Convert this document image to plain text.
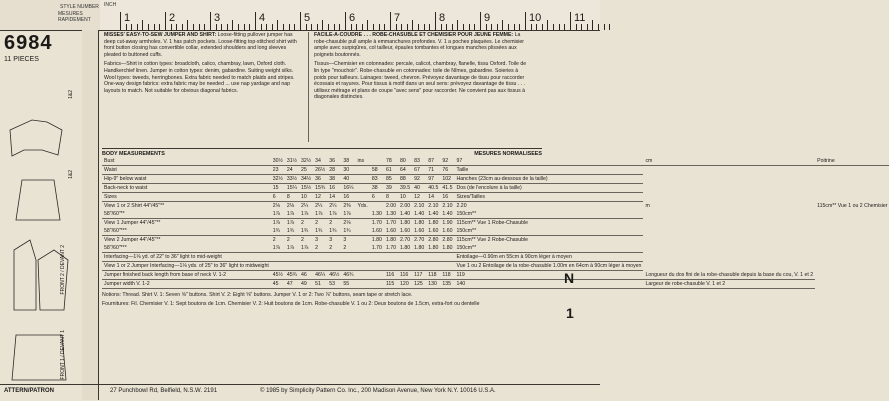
STYLE NUMBER
MESURES RAPIDEMENT
INCH
1	2	3	4	5	6	7	8	9	10	11
6984
11 PIECES
1&2
1&2
FRONT 2 / DEVANT 2
FRONT 1 / DEVANT 1
MISSES' EASY-TO-SEW JUMPER AND SHIRT: Loose-fitting pullover jumper has deep cut-away armholes. V. 1 has patch pockets. Loose-fitting top-stitched shirt with front button closing has convertible collar, extended shoulders and long sleeves pleated to buttoned cuffs.
Fabrics—Shirt in cotton types: broadcloth, calico, chambray, lawn, Oxford cloth. Handkerchief linen. Jumper in cotton types: denim, gabardine. Suiting weight silks. Wool types: tweeds, herringbones. Extra fabric needed to match plaids and stripes. One-way design fabrics: extra fabric may be needed ... use nap yardage and nap layouts to match. Not suitable for obvious diagonal fabrics.
FACILE-A-COUDRE . . . ROBE-CHASUBLE ET CHEMISIER POUR JEUNE FEMME: La robe-chasuble pull ample à emmanchures profondes. V. 1 a poches plaquées. Le chemisier ample avec surpiqûres, col tailleur, épaules tombantes et longues manches plissées aux poignets boutonnés.
Tissus—Chemisier en cotonnades: percale, calicot, chambray, flanelle, tissu Oxford. Toile de lin type "mouchoir". Robe-chasuble en cotonnades: toile de Nîmes, gabardine. Soieries à poids pour tailleurs. Lainages: tweed, chevron. Prévoyez davantage de tissu pour raccorder écossais et rayures. Pour tissus à motif dans un seul sens: prévoyez davantage de tissu . . . utilisez métrage et plans de coupe "avec sens" pour raccorder. Ne convient pas aux tissus à diagonales distinctes.
BODY MEASUREMENTS	MESURES NORMALISEES
Bust	30½	31½	32½	34	36	38	ins		78	80	83	87	92	97	cm	Poitrine
Waist	23	24	25	26½	28	30		58	61	64	67	71	76	Taille		
Hip-9" below waist	32½	33½	34½	36	38	40		83	85	88	92	97	102	Hanches (23cm au-dessous de la taille)		
Back-neck to waist	15	15¼	15½	15¾	16	16¼		38	39	39.5	40	40.5	41.5	Dos (de l'encolure à la taille)		
Sizes	6	8	10	12	14	16		6	8	10	12	14	16	Sizes/Tailles		
View 1 or 2 Shirt 44"/45"**	2⅛	2⅛	2¼	2¼	2¼	2⅜	Yds.		2.00	2.00	2.10	2.10	2.10	2.20	m	115cm** Vue 1 ou 2 Chemisier
58"/60"**	1⅞	1⅞	1⅞	1⅞	1⅞	1⅞		1.30	1.30	1.40	1.40	1.40	1.40	150cm**		
View 1 Jumper 44"/45"**	1⅞	1⅞	2	2	2	2⅛		1.70	1.70	1.80	1.80	1.80	1.90	115cm** Vue 1 Robe-Chasuble		
58"/60"***	1¾	1¾	1¾	1¾	1¾	1¾		1.60	1.60	1.60	1.60	1.60	1.60	150cm**		
View 2 Jumper 44"/45"**	2	2	2	3	3	3		1.80	1.80	2.70	2.70	2.80	2.80	115cm** Vue 2 Robe-Chasuble		
58"/60"***	1⅞	1⅞	1⅞	2	2	2		1.70	1.70	1.80	1.80	1.80	1.80	150cm**		
Interfacing—1⅛ yd. of 22" to 36" light to mid-weight														Entoilage—0.90m en 55cm à 90cm léger à moyen		
View 1 or 2 Jumper Interfacing—1⅛ yds. of 25" to 36" light to midweight														Vue 1 ou 2 Entoilage de la robe-chasuble 1.00m en 64cm à 90cm léger à moyen		
Jumper finished back length from base of neck V. 1-2	45½	45¾	46	46¼	46½	46¾			116	116	117	118	118	119	Longueur du dos fini de la robe-chasuble depuis la base du cou, V. 1 et 2	
Jumper width V. 1-2	45	47	49	51	53	55			115	120	125	130	135	140	Largeur de robe-chasuble V. 1 et 2	
Notions: Thread. Shirt V. 1: Seven ⅝" buttons. Shirt V. 2: Eight ⅝" buttons. Jumper V. 1 or 2: Two ⅞" buttons, seam tape or stretch lace.
Fournitures: Fil. Chemisier V. 1: Sept boutons de 1cm. Chemisier V. 2: Huit boutons de 1cm. Robe-chasuble V. 1 ou 2: Deux boutons de 1.5cm, extra-fort ou dentelle
N
1
ATTERN/PATRON	27 Punchbowl Rd, Belfield, N.S.W. 2191	© 1985 by Simplicity Pattern Co. Inc., 200 Madison Avenue, New York N.Y. 10016 U.S.A.
